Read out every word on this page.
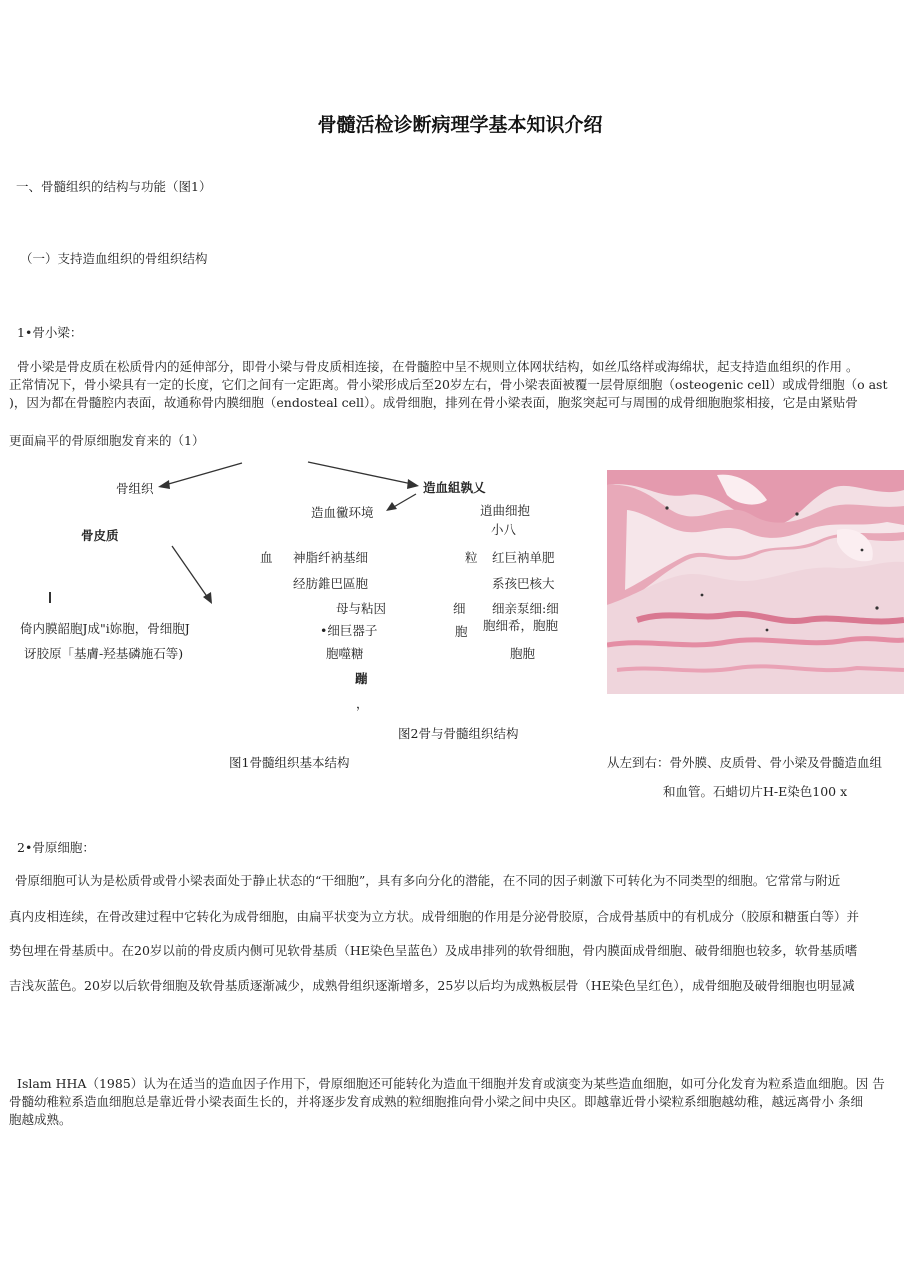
骨髓活检诊断病理学基本知识介绍
一、骨髓组织的结构与功能（图1）
（一）支持造血组织的骨组织结构
1•骨小梁：
骨小梁是骨皮质在松质骨内的延伸部分，即骨小梁与骨皮质相连接，在骨髓腔中呈不规则立体网状结构，如丝瓜络样或海绵状，起支持造血组织的作用 。
正常情况下，骨小梁具有一定的长度，它们之间有一定距离。骨小梁形成后至20岁左右，骨小梁表面被覆一层骨原细胞（osteogenic cell）或成骨细胞（o ast
)，因为都在骨髓腔内表面，故通称骨内膜细胞（endosteal cell）。成骨细胞，排列在骨小梁表面，胞浆突起可与周围的成骨细胞胞浆相接，它是由紧贴骨
更面扁平的骨原细胞发育来的（1）
骨组织	造血組孰乂
骨皮质
造血黴环境	逍曲细抱
小八
血 神脂纤衲基细
经肪錐巴區胞
母与粘因
•细巨器子
胞噬糖
蹦
，
粒
细
胞
红巨衲单肥
系孩巴核大
细亲泵细:细
胞细希，胞胞
胞胞
倚内膜韶胞J成"i妳胞，骨细胞J
讶胶原「基膚-羟基磷施石等)
图2骨与骨髓组织结构
图1骨髓组织基本结构	从左到右：骨外膜、皮质骨、骨小梁及骨髓造血组
和血管。石蜡切片H-E染色100 x
2•骨原细胞：
骨原细胞可认为是松质骨或骨小梁表面处于静止状态的“干细胞”，具有多向分化的潜能，在不同的因子刺激下可转化为不同类型的细胞。它常常与附近
真内皮相连续，在骨改建过程中它转化为成骨细胞，由扁平状变为立方状。成骨细胞的作用是分泌骨胶原，合成骨基质中的有机成分（胶原和糖蛋白等）并
势包埋在骨基质中。在20岁以前的骨皮质内侧可见软骨基质（HE染色呈蓝色）及成串排列的软骨细胞，骨内膜面成骨细胞、破骨细胞也较多，软骨基质嗜
吉浅灰蓝色。20岁以后软骨细胞及软骨基质逐渐减少，成熟骨组织逐渐增多，25岁以后均为成熟板层骨（HE染色呈红色），成骨细胞及破骨细胞也明显减
Islam HHA（1985）认为在适当的造血因子作用下，骨原细胞还可能转化为造血干细胞并发育或演变为某些造血细胞，如可分化发育为粒系造血细胞。因 告
骨髓幼稚粒系造血细胞总是靠近骨小梁表面生长的，并将逐步发育成熟的粒细胞推向骨小梁之间中央区。即越靠近骨小梁粒系细胞越幼稚，越远离骨小 条细
胞越成熟。
